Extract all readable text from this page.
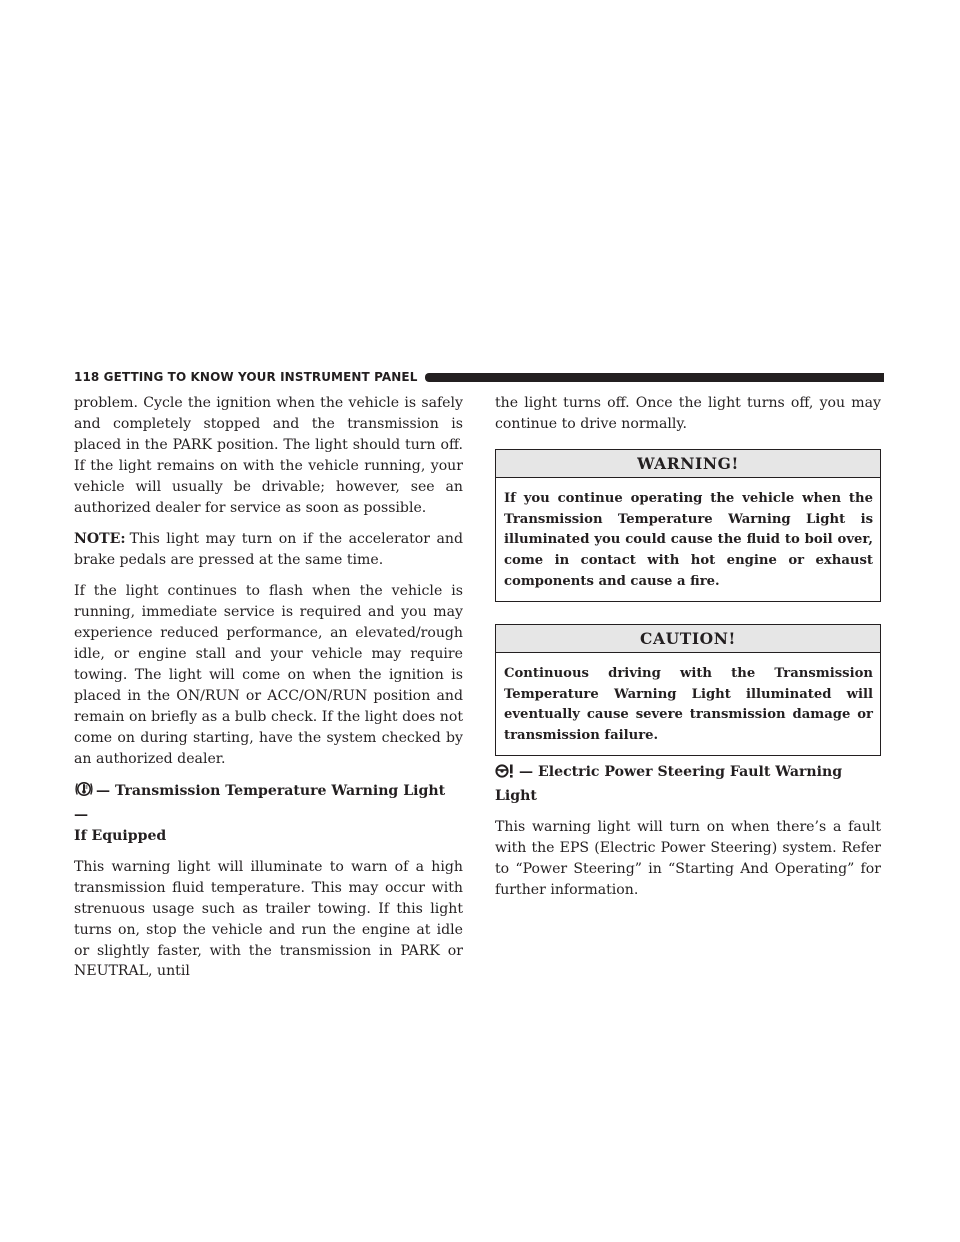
118 GETTING TO KNOW YOUR INSTRUMENT PANEL

problem. Cycle the ignition when the vehicle is safely and completely stopped and the transmission is placed in the PARK position. The light should turn off. If the light remains on with the vehicle running, your vehicle will usually be drivable; however, see an authorized dealer for service as soon as possible.

NOTE: This light may turn on if the accelerator and brake pedals are pressed at the same time.

If the light continues to flash when the vehicle is running, immediate service is required and you may experience reduced performance, an elevated/rough idle, or engine stall and your vehicle may require towing. The light will come on when the ignition is placed in the ON/RUN or ACC/ON/RUN position and remain on briefly as a bulb check. If the light does not come on during starting, have the system checked by an authorized dealer.

— Transmission Temperature Warning Light —
If Equipped

This warning light will illuminate to warn of a high transmission fluid temperature. This may occur with strenuous usage such as trailer towing. If this light turns on, stop the vehicle and run the engine at idle or slightly faster, with the transmission in PARK or NEUTRAL, until

the light turns off. Once the light turns off, you may continue to drive normally.

WARNING!
If you continue operating the vehicle when the Transmission Temperature Warning Light is illuminated you could cause the fluid to boil over, come in contact with hot engine or exhaust components and cause a fire.
CAUTION!
Continuous driving with the Transmission Temperature Warning Light illuminated will eventually cause severe transmission damage or transmission failure.
— Electric Power Steering Fault Warning Light

This warning light will turn on when there’s a fault with the EPS (Electric Power Steering) system. Refer to “Power Steering” in “Starting And Operating” for further information.
